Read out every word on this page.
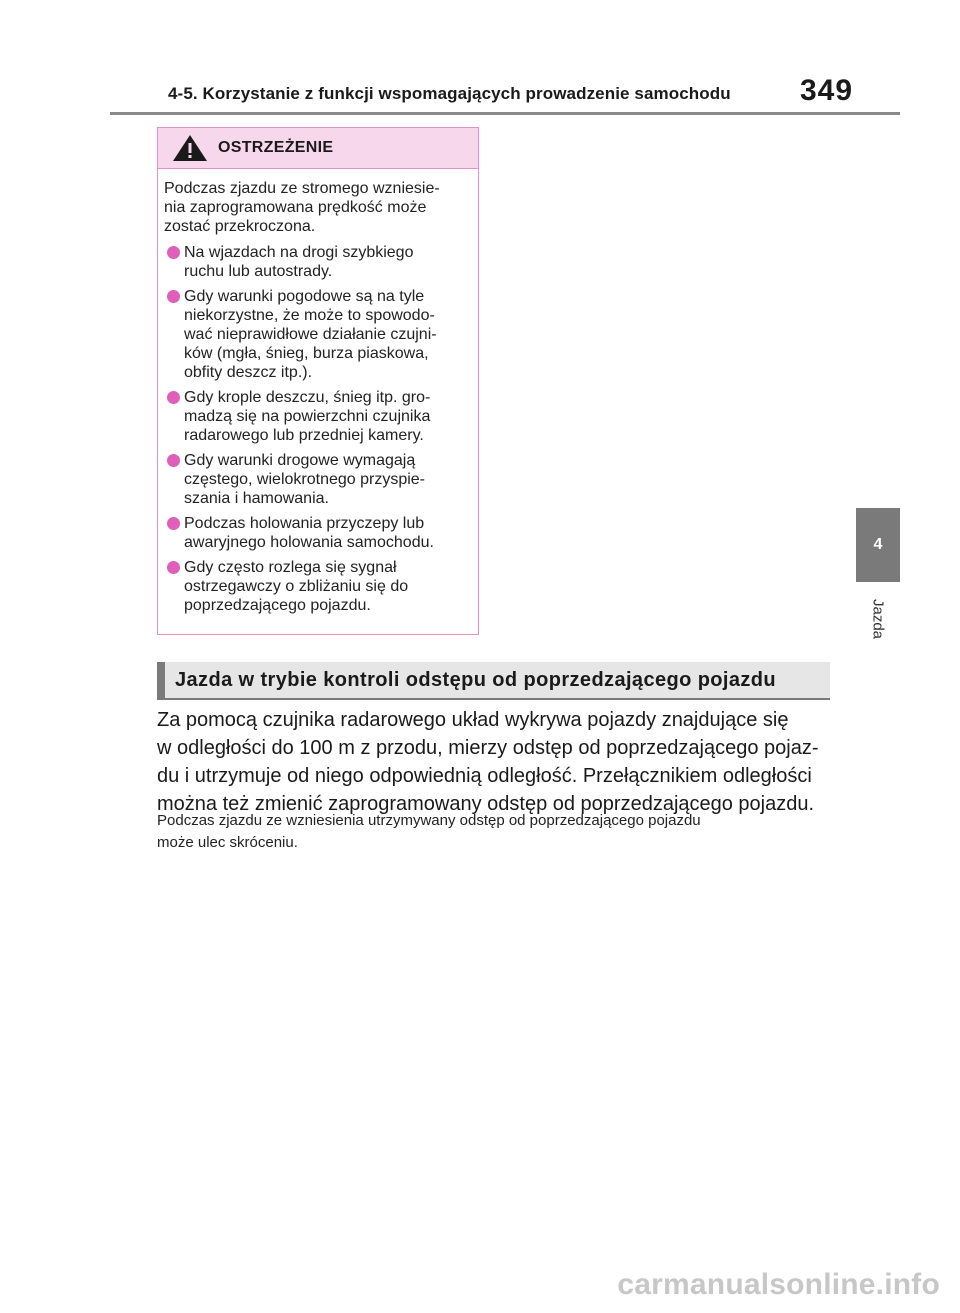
4-5. Korzystanie z funkcji wspomagających prowadzenie samochodu 349
4
Jazda
OSTRZEŻENIE

Podczas zjazdu ze stromego wzniesie-
nia zaprogramowana prędkość może
zostać przekroczona.

Na wjazdach na drogi szybkiego
ruchu lub autostrady.
Gdy warunki pogodowe są na tyle
niekorzystne, że może to spowodo-
wać nieprawidłowe działanie czujni-
ków (mgła, śnieg, burza piaskowa,
obfity deszcz itp.).
Gdy krople deszczu, śnieg itp. gro-
madzą się na powierzchni czujnika
radarowego lub przedniej kamery.
Gdy warunki drogowe wymagają
częstego, wielokrotnego przyspie-
szania i hamowania.
Podczas holowania przyczepy lub
awaryjnego holowania samochodu.
Gdy często rozlega się sygnał
ostrzegawczy o zbliżaniu się do
poprzedzającego pojazdu.
Jazda w trybie kontroli odstępu od poprzedzającego pojazdu
Za pomocą czujnika radarowego układ wykrywa pojazdy znajdujące się
w odległości do 100 m z przodu, mierzy odstęp od poprzedzającego pojaz-
du i utrzymuje od niego odpowiednią odległość. Przełącznikiem odległości
można też zmienić zaprogramowany odstęp od poprzedzającego pojazdu.
Podczas zjazdu ze wzniesienia utrzymywany odstęp od poprzedzającego pojazdu
może ulec skróceniu.
carmanualsonline.info
